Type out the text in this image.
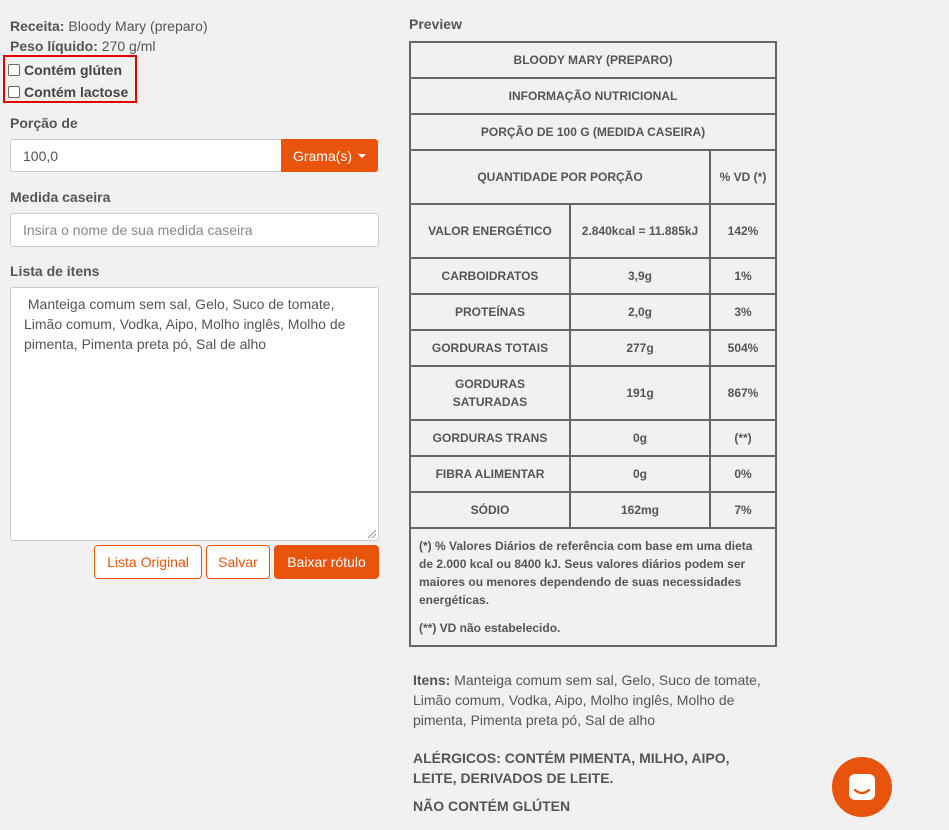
Receita: Bloody Mary (preparo)
Peso líquido: 270 g/ml
Contém glúten
Contém lactose
Porção de
100,0	Grama(s)
Medida caseira
Insira o nome de sua medida caseira
Lista de itens
Manteiga comum sem sal, Gelo, Suco de tomate, Limão comum, Vodka, Aipo, Molho inglês, Molho de pimenta, Pimenta preta pó, Sal de alho
Lista Original	Salvar	Baixar rótulo
Preview
BLOODY MARY (PREPARO)		
INFORMAÇÃO NUTRICIONAL		
PORÇÃO DE 100 G (MEDIDA CASEIRA)		
QUANTIDADE POR PORÇÃO		% VD (*)
VALOR ENERGÉTICO	2.840kcal = 11.885kJ	142%
CARBOIDRATOS	3,9g	1%
PROTEÍNAS	2,0g	3%
GORDURAS TOTAIS	277g	504%
GORDURAS SATURADAS	191g	867%
GORDURAS TRANS	0g	(**)
FIBRA ALIMENTAR	0g	0%
SÓDIO	162mg	7%

(*) % Valores Diários de referência com base em uma dieta de 2.000 kcal ou 8400 kJ. Seus valores diários podem ser maiores ou menores dependendo de suas necessidades energéticas.

(**) VD não estabelecido.		

Itens: Manteiga comum sem sal, Gelo, Suco de tomate, Limão comum, Vodka, Aipo, Molho inglês, Molho de pimenta, Pimenta preta pó, Sal de alho
ALÉRGICOS: CONTÉM PIMENTA, MILHO, AIPO, LEITE, DERIVADOS DE LEITE.
NÃO CONTÉM GLÚTEN
